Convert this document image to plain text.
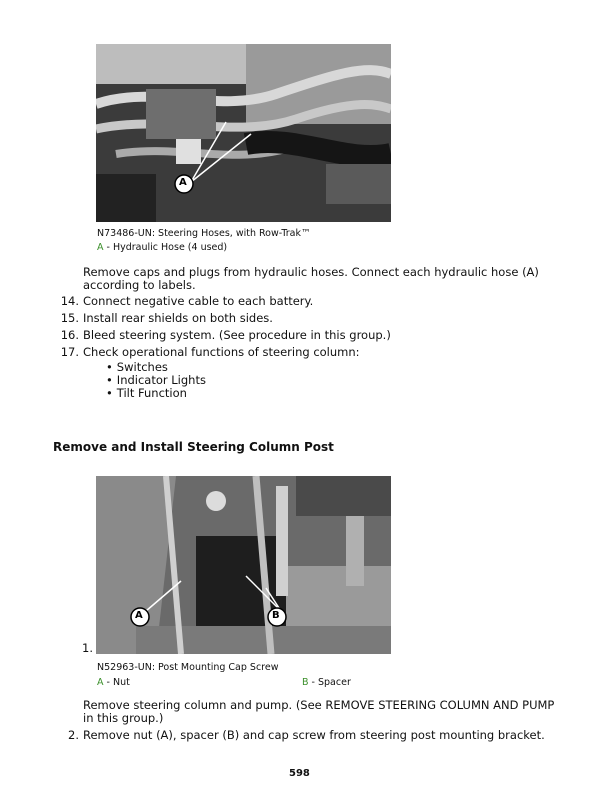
A
N73486-UN: Steering Hoses, with Row-Trak™
A - Hydraulic Hose (4 used)
Remove caps and plugs from hydraulic hoses. Connect each hydraulic hose (A) according to labels.
14. Connect negative cable to each battery.
15. Install rear shields on both sides.
16. Bleed steering system. (See procedure in this group.)
17. Check operational functions of steering column:
• Switches
• Indicator Lights
• Tilt Function
Remove and Install Steering Column Post
A	B
1.
N52963-UN: Post Mounting Cap Screw
A - Nut	B - Spacer
Remove steering column and pump. (See REMOVE STEERING COLUMN AND PUMP in this group.)
2. Remove nut (A), spacer (B) and cap screw from steering post mounting bracket.
598
